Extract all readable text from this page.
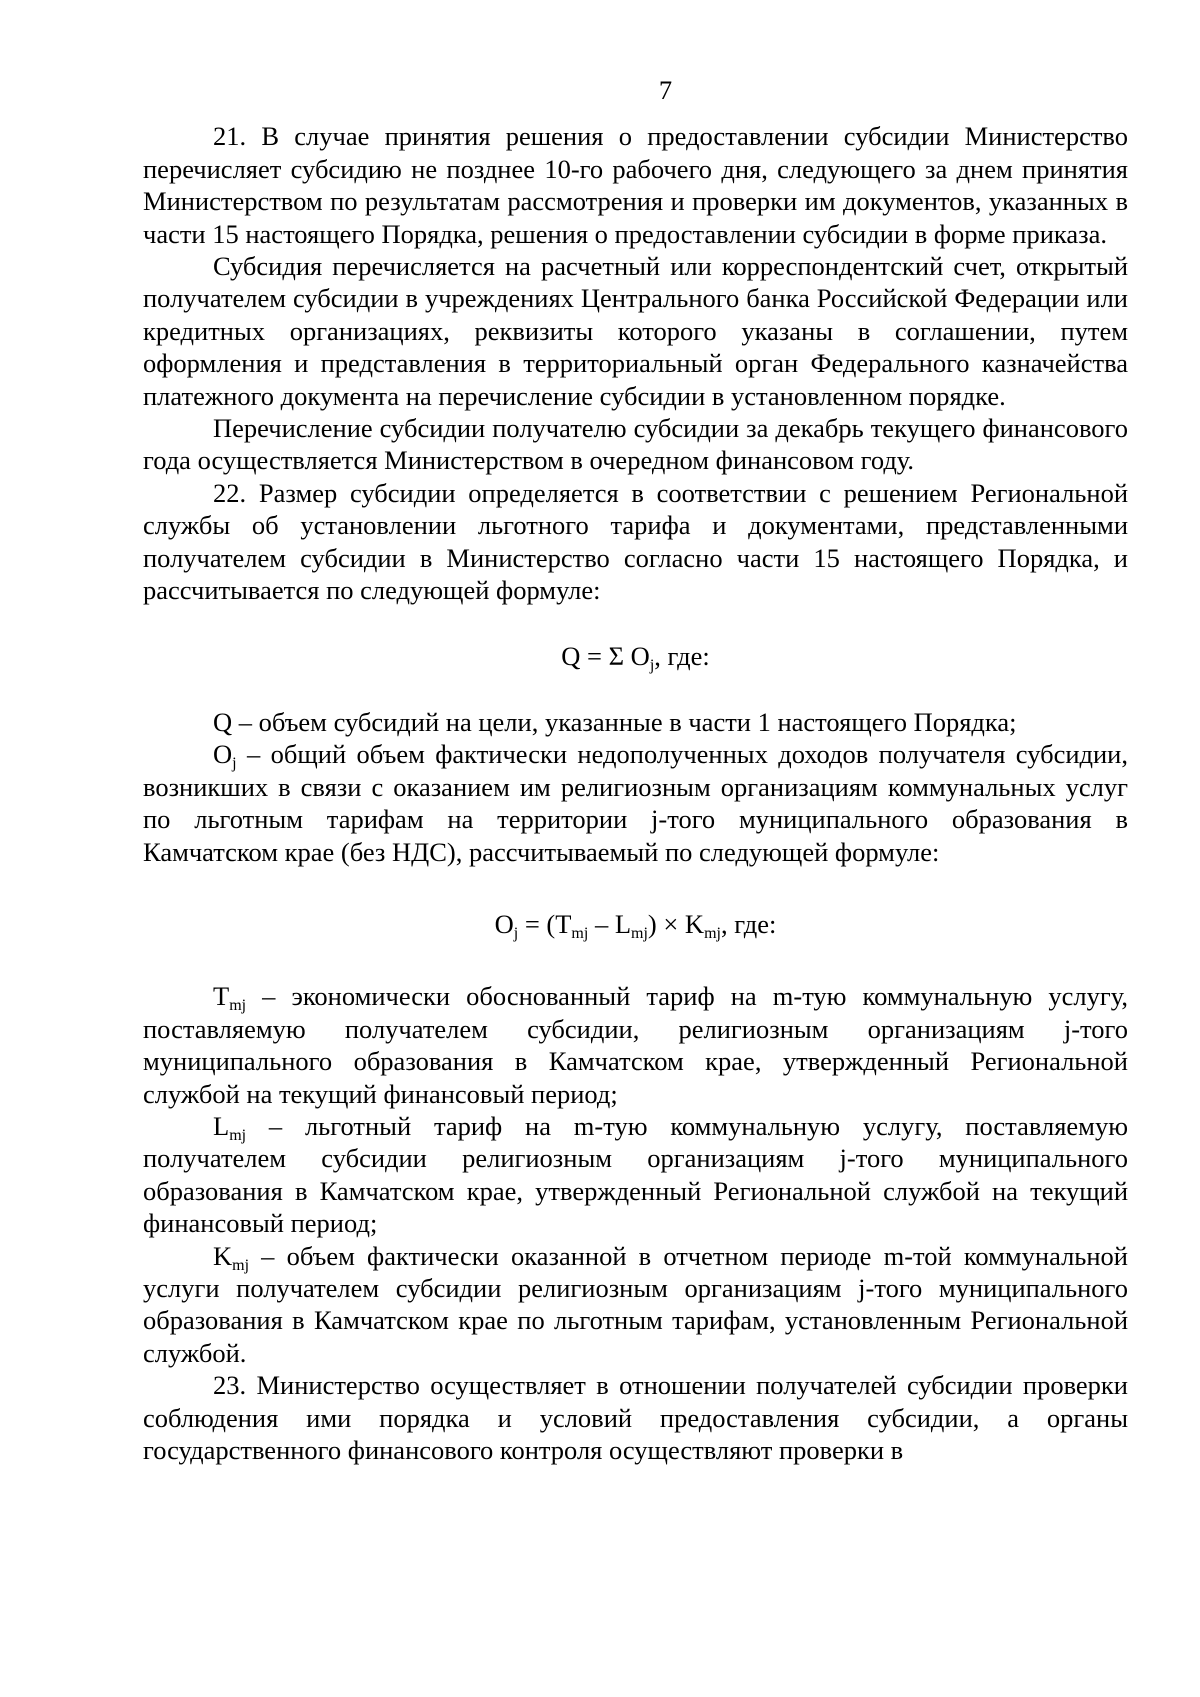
7

21. В случае принятия решения о предоставлении субсидии Министерство перечисляет субсидию не позднее 10-го рабочего дня, следующего за днем принятия Министерством по результатам рассмотрения и проверки им документов, указанных в части 15 настоящего Порядка, решения о предоставлении субсидии в форме приказа.

Субсидия перечисляется на расчетный или корреспондентский счет, открытый получателем субсидии в учреждениях Центрального банка Российской Федерации или кредитных организациях, реквизиты которого указаны в соглашении, путем оформления и представления в территориальный орган Федерального казначейства платежного документа на перечисление субсидии в установленном порядке.

Перечисление субсидии получателю субсидии за декабрь текущего финансового года осуществляется Министерством в очередном финансовом году.

22. Размер субсидии определяется в соответствии с решением Региональной службы об установлении льготного тарифа и документами, представленными получателем субсидии в Министерство согласно части 15 настоящего Порядка, и рассчитывается по следующей формуле:

Q = Σ $O_j$, где:

Q – объем субсидий на цели, указанные в части 1 настоящего Порядка;

$O_j$ – общий объем фактически недополученных доходов получателя субсидии, возникших в связи с оказанием им религиозным организациям коммунальных услуг по льготным тарифам на территории j-того муниципального образования в Камчатском крае (без НДС), рассчитываемый по следующей формуле:

$O_j = (T_{mj} - L_{mj}) \times K_{mj}$, где:

$T_{mj}$ – экономически обоснованный тариф на m-тую коммунальную услугу, поставляемую получателем субсидии, религиозным организациям j-того муниципального образования в Камчатском крае, утвержденный Региональной службой на текущий финансовый период;

$L_{mj}$ – льготный тариф на m-тую коммунальную услугу, поставляемую получателем субсидии религиозным организациям j-того муниципального образования в Камчатском крае, утвержденный Региональной службой на текущий финансовый период;

$K_{mj}$ – объем фактически оказанной в отчетном периоде m-той коммунальной услуги получателем субсидии религиозным организациям j-того муниципального образования в Камчатском крае по льготным тарифам, установленным Региональной службой.

23. Министерство осуществляет в отношении получателей субсидии проверки соблюдения ими порядка и условий предоставления субсидии, а органы государственного финансового контроля осуществляют проверки в
